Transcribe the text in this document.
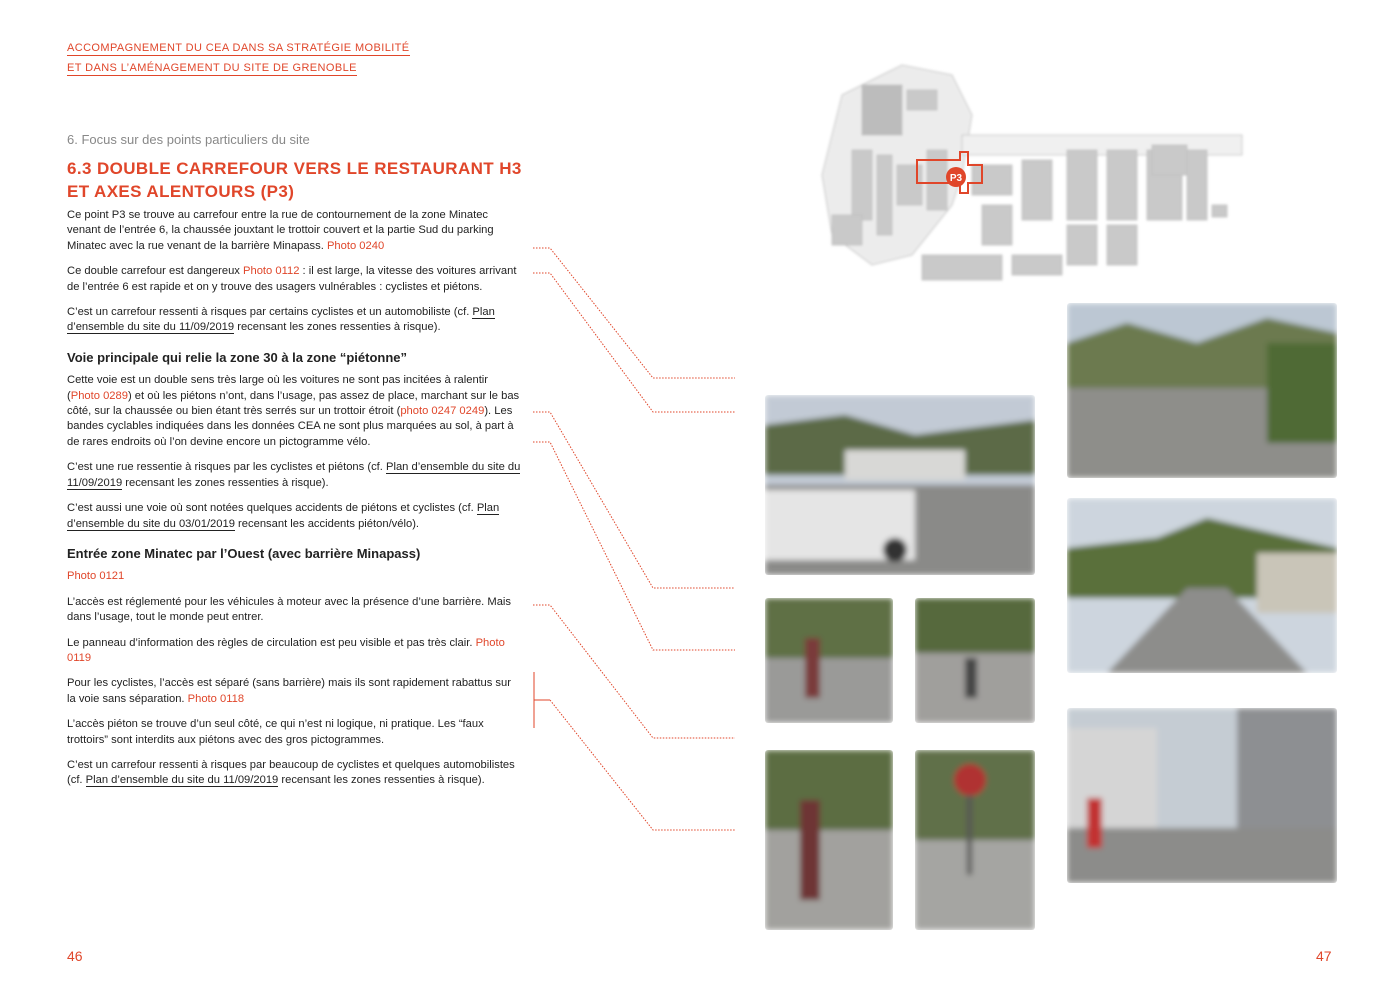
ACCOMPAGNEMENT DU CEA DANS SA STRATÉGIE MOBILITÉ
ET DANS L’AMÉNAGEMENT DU SITE DE GRENOBLE
6. Focus sur des points particuliers du site
6.3 DOUBLE CARREFOUR VERS LE RESTAURANT H3 ET AXES ALENTOURS (P3)

Ce point P3 se trouve au carrefour entre la rue de contournement de la zone Minatec venant de l’entrée 6, la chaussée jouxtant le trottoir couvert et la partie Sud du parking Minatec avec la rue venant de la barrière Minapass. Photo 0240

Ce double carrefour est dangereux Photo 0112 : il est large, la vitesse des voitures arrivant de l’entrée 6 est rapide et on y trouve des usagers vulnérables : cyclistes et piétons.

C’est un carrefour ressenti à risques par certains cyclistes et un automobiliste (cf. Plan d’ensemble du site du 11/09/2019 recensant les zones ressenties à risque).

Voie principale qui relie la zone 30 à la zone “piétonne”

Cette voie est un double sens très large où les voitures ne sont pas incitées à ralentir (Photo 0289) et où les piétons n’ont, dans l’usage, pas assez de place, marchant sur le bas côté, sur la chaussée ou bien étant très serrés sur un trottoir étroit (photo 0247 0249). Les bandes cyclables indiquées dans les données CEA ne sont plus marquées au sol, à part à de rares endroits où l’on devine encore un pictogramme vélo.

C’est une rue ressentie à risques par les cyclistes et piétons (cf. Plan d’ensemble du site du 11/09/2019 recensant les zones ressenties à risque).

C’est aussi une voie où sont notées quelques accidents de piétons et cyclistes (cf. Plan d’ensemble du site du 03/01/2019 recensant les accidents piéton/vélo).

Entrée zone Minatec par l’Ouest (avec barrière Minapass)

Photo 0121

L’accès est réglementé pour les véhicules à moteur avec la présence d’une barrière. Mais dans l’usage, tout le monde peut entrer.

Le panneau d’information des règles de circulation est peu visible et pas très clair. Photo 0119

Pour les cyclistes, l’accès est séparé (sans barrière) mais ils sont rapidement rabattus sur la voie sans séparation. Photo 0118

L’accès piéton se trouve d’un seul côté, ce qui n’est ni logique, ni pratique. Les “faux trottoirs” sont interdits aux piétons avec des gros pictogrammes.

C’est un carrefour ressenti à risques par beaucoup de cyclistes et quelques automobilistes (cf. Plan d’ensemble du site du 11/09/2019 recensant les zones ressenties à risque).

P3
46	47
